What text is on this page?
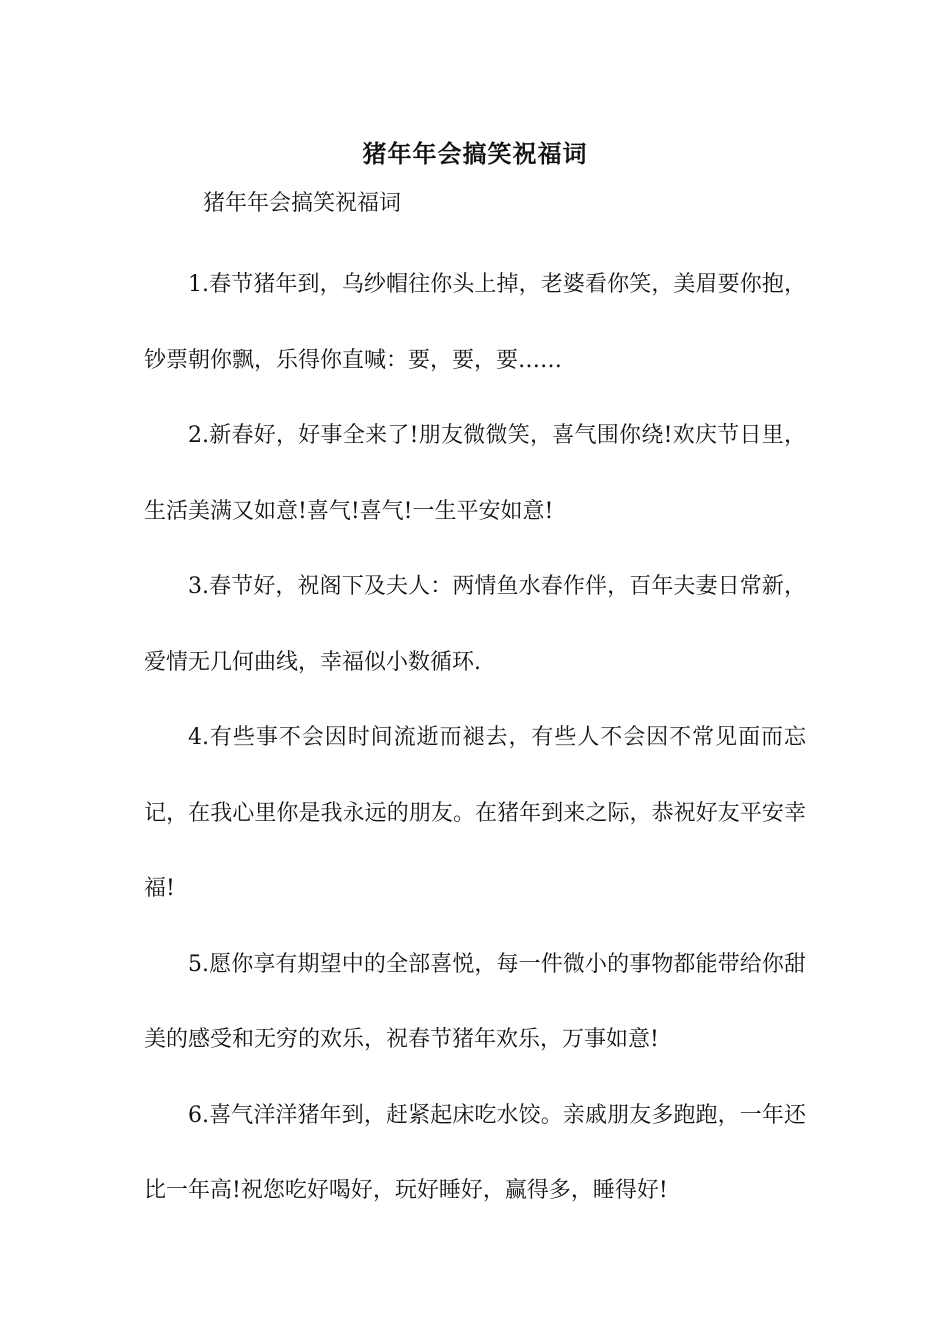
猪年年会搞笑祝福词
猪年年会搞笑祝福词

1.春节猪年到，乌纱帽往你头上掉，老婆看你笑，美眉要你抱，钞票朝你飘，乐得你直喊：要，要，要……

2.新春好，好事全来了!朋友微微笑，喜气围你绕!欢庆节日里，生活美满又如意!喜气!喜气!一生平安如意!

3.春节好，祝阁下及夫人：两情鱼水春作伴，百年夫妻日常新，爱情无几何曲线，幸福似小数循环.

4.有些事不会因时间流逝而褪去，有些人不会因不常见面而忘记，在我心里你是我永远的朋友。在猪年到来之际，恭祝好友平安幸福!

5.愿你享有期望中的全部喜悦，每一件微小的事物都能带给你甜美的感受和无穷的欢乐，祝春节猪年欢乐，万事如意!

6.喜气洋洋猪年到，赶紧起床吃水饺。亲戚朋友多跑跑，一年还比一年高!祝您吃好喝好，玩好睡好，赢得多，睡得好!
